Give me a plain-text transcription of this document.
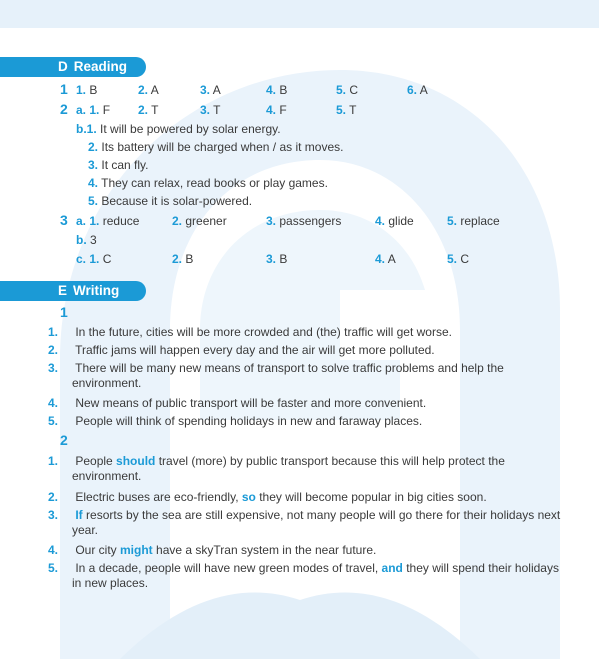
D Reading
1 1. B	2. A	3. A	4. B	5. C	6. A
2 a. 1. F 2. T	3. T	4. F	5. T
b.1. It will be powered by solar energy.
2. Its battery will be charged when / as it moves.
3. It can fly.
4. They can relax, read books or play games.
5. Because it is solar-powered.
3 a. 1. reduce	2. greener	3. passengers	4. glide	5. replace
b. 3
c. 1. C	2. B	3. B	4. A	5. C
E Writing
1
1. In the future, cities will be more crowded and (the) traffic will get worse.
2. Traffic jams will happen every day and the air will get more polluted.
3. There will be many new means of transport to solve traffic problems and help the environment.
4. New means of public transport will be faster and more convenient.
5. People will think of spending holidays in new and faraway places.
2
1. People should travel (more) by public transport because this will help protect the environment.
2. Electric buses are eco-friendly, so they will become popular in big cities soon.
3. If resorts by the sea are still expensive, not many people will go there for their holidays next year.
4. Our city might have a skyTran system in the near future.
5. In a decade, people will have new green modes of travel, and they will spend their holidays in new places.
